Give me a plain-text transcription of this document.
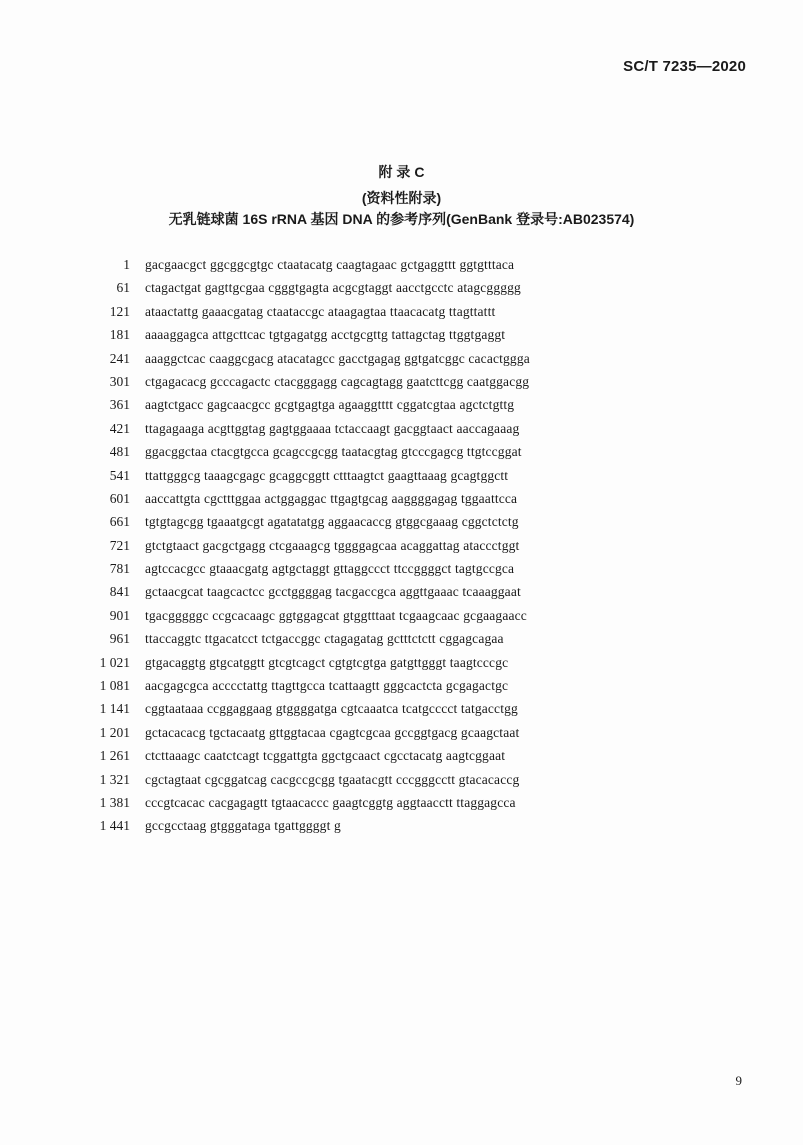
SC/T 7235—2020
附 录 C
(资料性附录)
无乳链球菌 16S rRNA 基因 DNA 的参考序列(GenBank 登录号:AB023574)
1 gacgaacgct ggcggcgtgc ctaatacatg caagtagaac gctgaggttt ggtgtttaca
61 ctagactgat gagttgcgaa cgggtgagta acgcgtaggt aacctgcctc atagcggggg
121 ataactattg gaaacgatag ctaataccgc ataagagtaa ttaacacatg ttagttattt
181 aaaaggagca attgcttcac tgtgagatgg acctgcgttg tattagctag ttggtgaggt
241 aaaggctcac caaggcgacg atacatagcc gacctgagag ggtgatcggc cacactggga
301 ctgagacacg gcccagactc ctacgggagg cagcagtagg gaatcttcgg caatggacgg
361 aagtctgacc gagcaacgcc gcgtgagtga agaaggtttt cggatcgtaa agctctgttg
421 ttagagaaga acgttggtag gagtggaaaa tctaccaagt gacggtaact aaccagaaag
481 ggacggctaa ctacgtgcca gcagccgcgg taatacgtag gtcccgagcg ttgtccggat
541 ttattgggcg taaagcgagc gcaggcggtt ctttaagtct gaagttaaag gcagtggctt
601 aaccattgta cgctttggaa actggaggac ttgagtgcag aaggggagag tggaattcca
661 tgtgtagcgg tgaaatgcgt agatatatgg aggaacaccg gtggcgaaag cggctctctg
721 gtctgtaact gacgctgagg ctcgaaagcg tggggagcaa acaggattag ataccctggt
781 agtccacgcc gtaaacgatg agtgctaggt gttaggccct ttccggggct tagtgccgca
841 gctaacgcat taagcactcc gcctggggag tacgaccgca aggttgaaac tcaaaggaat
901 tgacgggggc ccgcacaagc ggtggagcat gtggtttaat tcgaagcaac gcgaagaacc
961 ttaccaggtc ttgacatcct tctgaccggc ctagagatag gctttctctt cggagcagaa
1 021 gtgacaggtg gtgcatggtt gtcgtcagct cgtgtcgtga gatgttgggt taagtcccgc
1 081 aacgagcgca acccctattg ttagttgcca tcattaagtt gggcactcta gcgagactgc
1 141 cggtaataaa ccggaggaag gtggggatga cgtcaaatca tcatgcccct tatgacctgg
1 201 gctacacacg tgctacaatg gttggtacaa cgagtcgcaa gccggtgacg gcaagctaat
1 261 ctcttaaagc caatctcagt tcggattgta ggctgcaact cgcctacatg aagtcggaat
1 321 cgctagtaat cgcggatcag cacgccgcgg tgaatacgtt cccgggcctt gtacacaccg
1 381 cccgtcacac cacgagagtt tgtaacaccc gaagtcggtg aggtaacctt ttaggagcca
1 441 gccgcctaag gtgggataga tgattggggt g
9
